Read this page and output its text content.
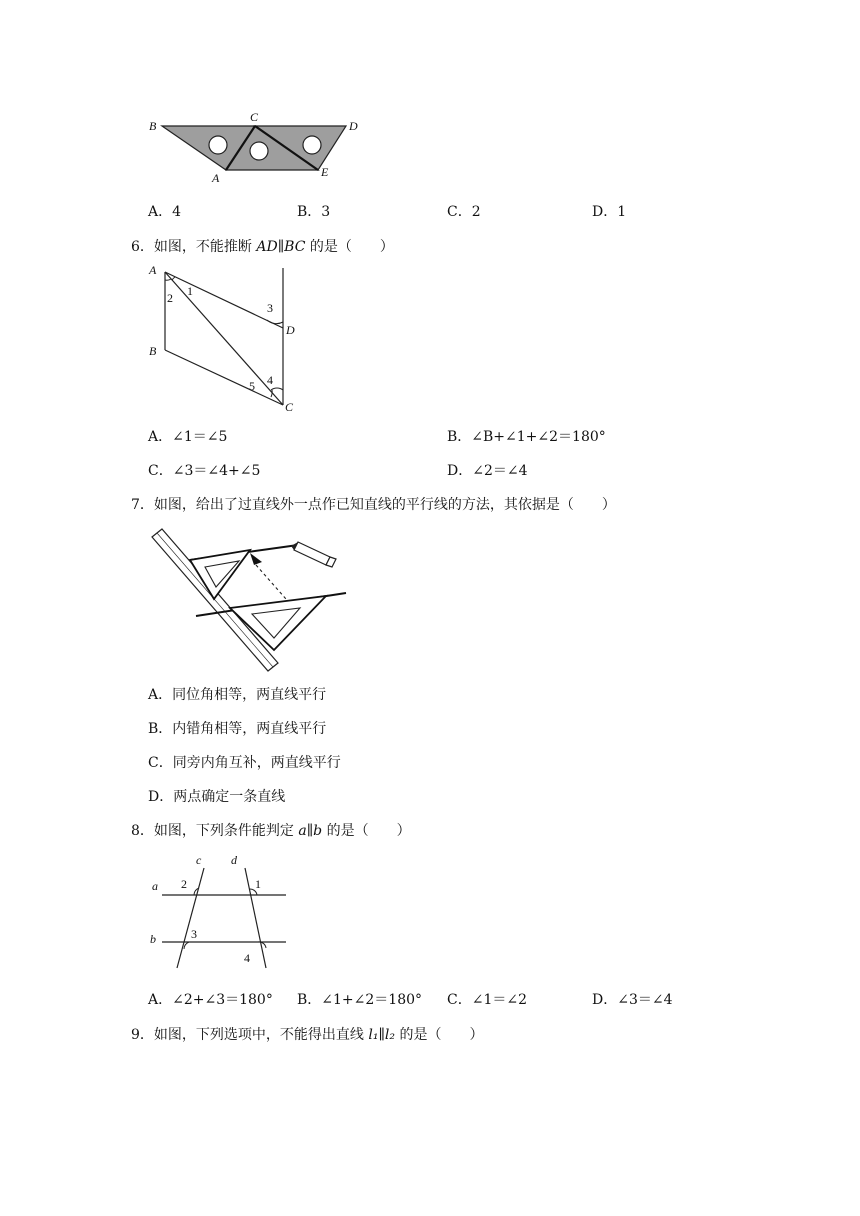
B
C
D
A	E
A．4	B．3	C．2	D．1
6．如图，不能推断 AD∥BC 的是（　　）
A
B
C
D
1
2
3
4
5
A．∠1＝∠5	B．∠B+∠1+∠2＝180°
C．∠3＝∠4+∠5	D．∠2＝∠4
7．如图，给出了过直线外一点作已知直线的平行线的方法，其依据是（　　）
A．同位角相等，两直线平行
B．内错角相等，两直线平行
C．同旁内角互补，两直线平行
D．两点确定一条直线
8．如图，下列条件能判定 a∥b 的是（　　）
a
b
c d
1
2
3
4
A．∠2+∠3＝180° B．∠1+∠2＝180° C．∠1＝∠2	D．∠3＝∠4
9．如图，下列选项中，不能得出直线 l₁∥l₂ 的是（　　）
